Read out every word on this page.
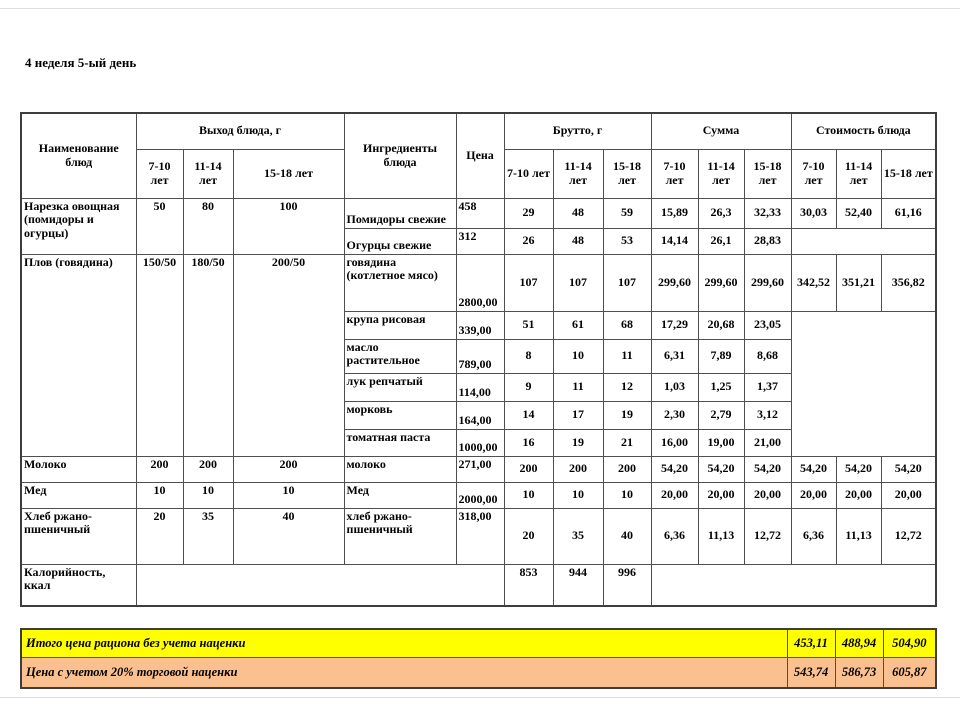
4 неделя 5-ый день
Наименование блюд	Выход блюда, г			Ингредиенты блюда	Цена	Брутто, г			Сумма			Стоимость блюда		
	7-10 лет	11-14 лет	15-18 лет			7-10 лет	11-14 лет	15-18 лет	7-10 лет	11-14 лет	15-18 лет	7-10 лет	11-14 лет	15-18 лет
Нарезка овощная (помидоры и огурцы)	50	80	100	Помидоры свежие	458	29	48	59	15,89	26,3	32,33	30,03	52,40	61,16
				Огурцы свежие	312	26	48	53	14,14	26,1	28,83			
Плов (говядина)	150/50	180/50	200/50	говядина (котлетное мясо)	2800,00	107	107	107	299,60	299,60	299,60	342,52	351,21	356,82
				крупа рисовая	339,00	51	61	68	17,29	20,68	23,05			
				масло растительное	789,00	8	10	11	6,31	7,89	8,68			
				лук репчатый	114,00	9	11	12	1,03	1,25	1,37			
				морковь	164,00	14	17	19	2,30	2,79	3,12			
				томатная паста	1000,00	16	19	21	16,00	19,00	21,00			
Молоко	200	200	200	молоко	271,00	200	200	200	54,20	54,20	54,20	54,20	54,20	54,20
Мед	10	10	10	Мед	2000,00	10	10	10	20,00	20,00	20,00	20,00	20,00	20,00
Хлеб ржано-пшеничный	20	35	40	хлеб ржано-пшеничный	318,00	20	35	40	6,36	11,13	12,72	6,36	11,13	12,72
Калорийность, ккал						853	944	996						
Итого цена рациона без учета наценки	453,11	488,94	504,90
Цена с учетом 20% торговой наценки	543,74	586,73	605,87
